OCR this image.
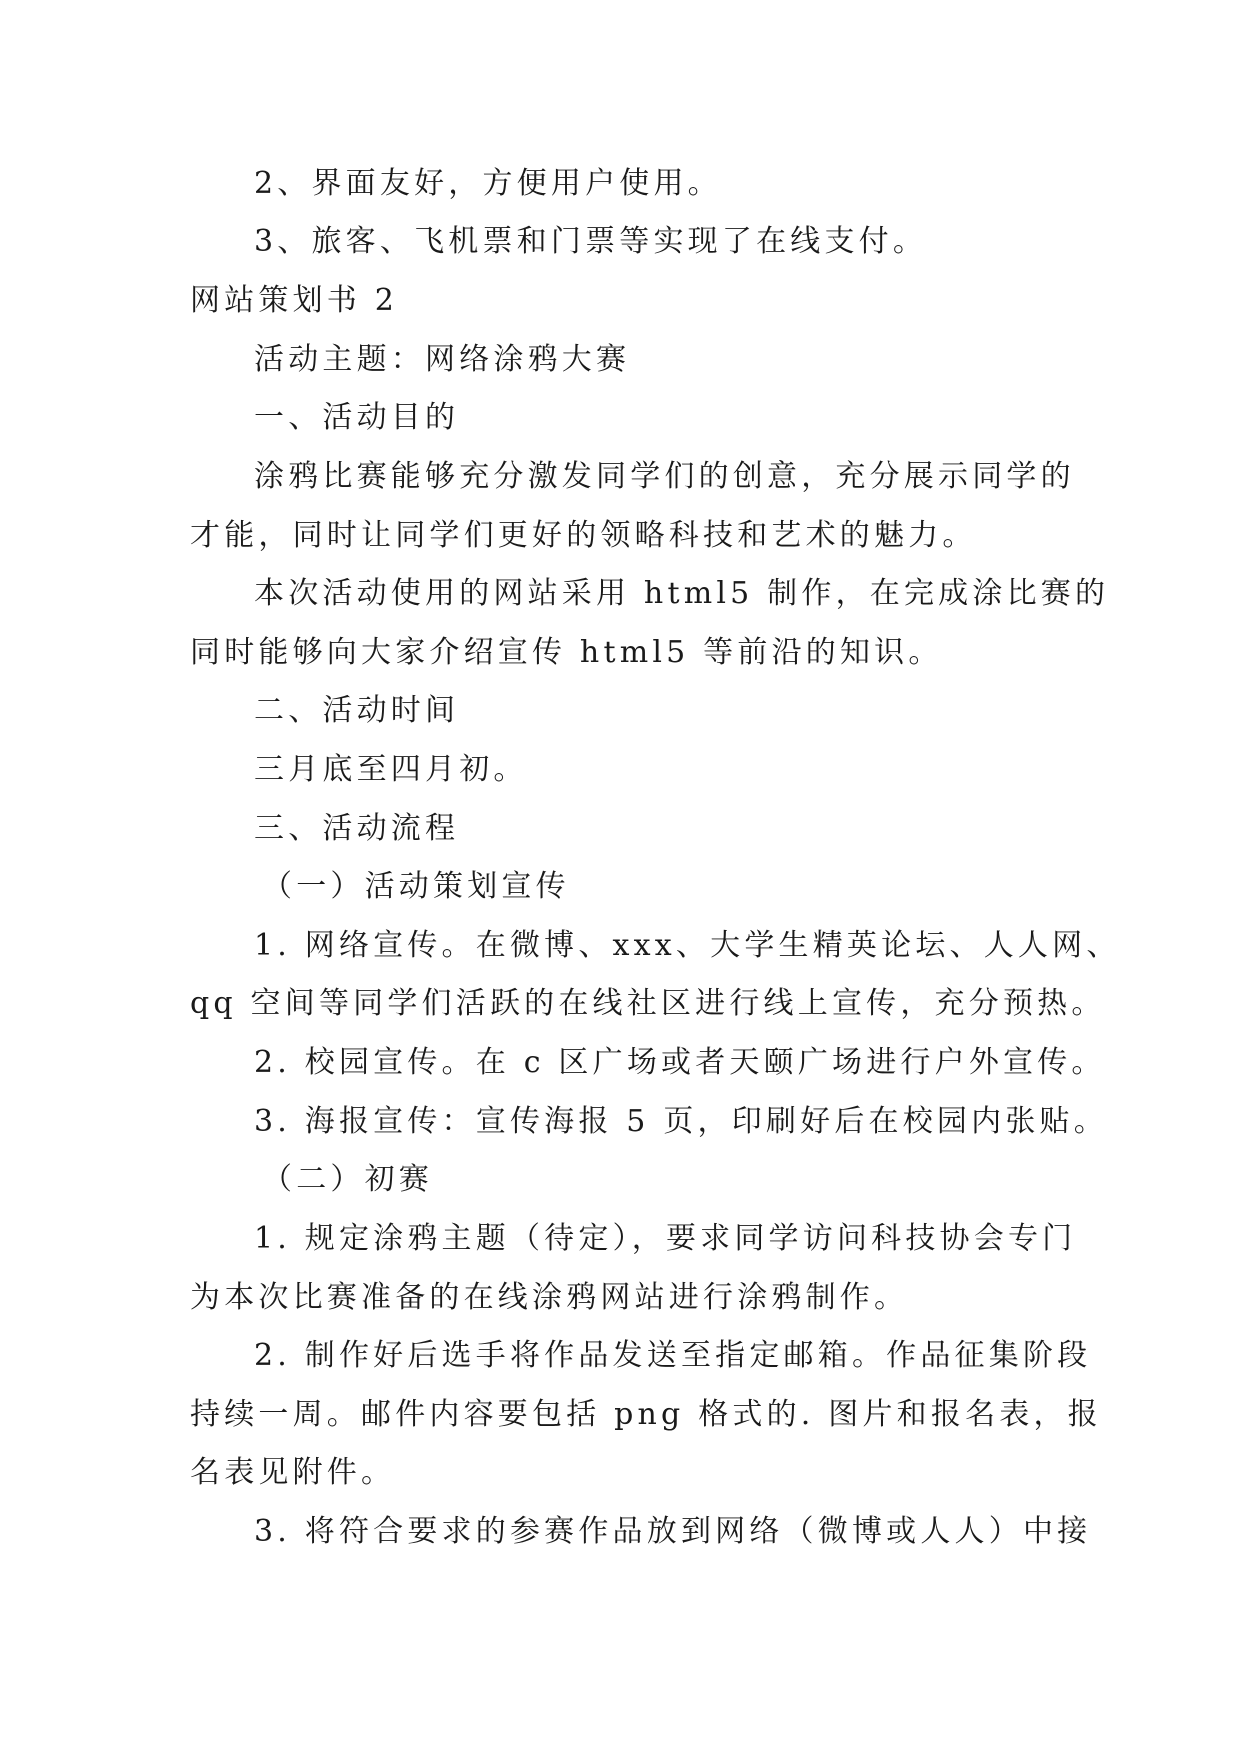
2、界面友好，方便用户使用。
3、旅客、飞机票和门票等实现了在线支付。
网站策划书 2
活动主题：网络涂鸦大赛
一、活动目的
涂鸦比赛能够充分激发同学们的创意，充分展示同学的
才能，同时让同学们更好的领略科技和艺术的魅力。
本次活动使用的网站采用 html5 制作，在完成涂比赛的
同时能够向大家介绍宣传 html5 等前沿的知识。
二、活动时间
三月底至四月初。
三、活动流程
（一）活动策划宣传
1. 网络宣传。在微博、xxx、大学生精英论坛、人人网、
qq 空间等同学们活跃的在线社区进行线上宣传，充分预热。
2. 校园宣传。在 c 区广场或者天颐广场进行户外宣传。
3. 海报宣传：宣传海报 5 页，印刷好后在校园内张贴。
（二）初赛
1. 规定涂鸦主题（待定），要求同学访问科技协会专门
为本次比赛准备的在线涂鸦网站进行涂鸦制作。
2. 制作好后选手将作品发送至指定邮箱。作品征集阶段
持续一周。邮件内容要包括 png 格式的. 图片和报名表，报
名表见附件。
3. 将符合要求的参赛作品放到网络（微博或人人）中接
